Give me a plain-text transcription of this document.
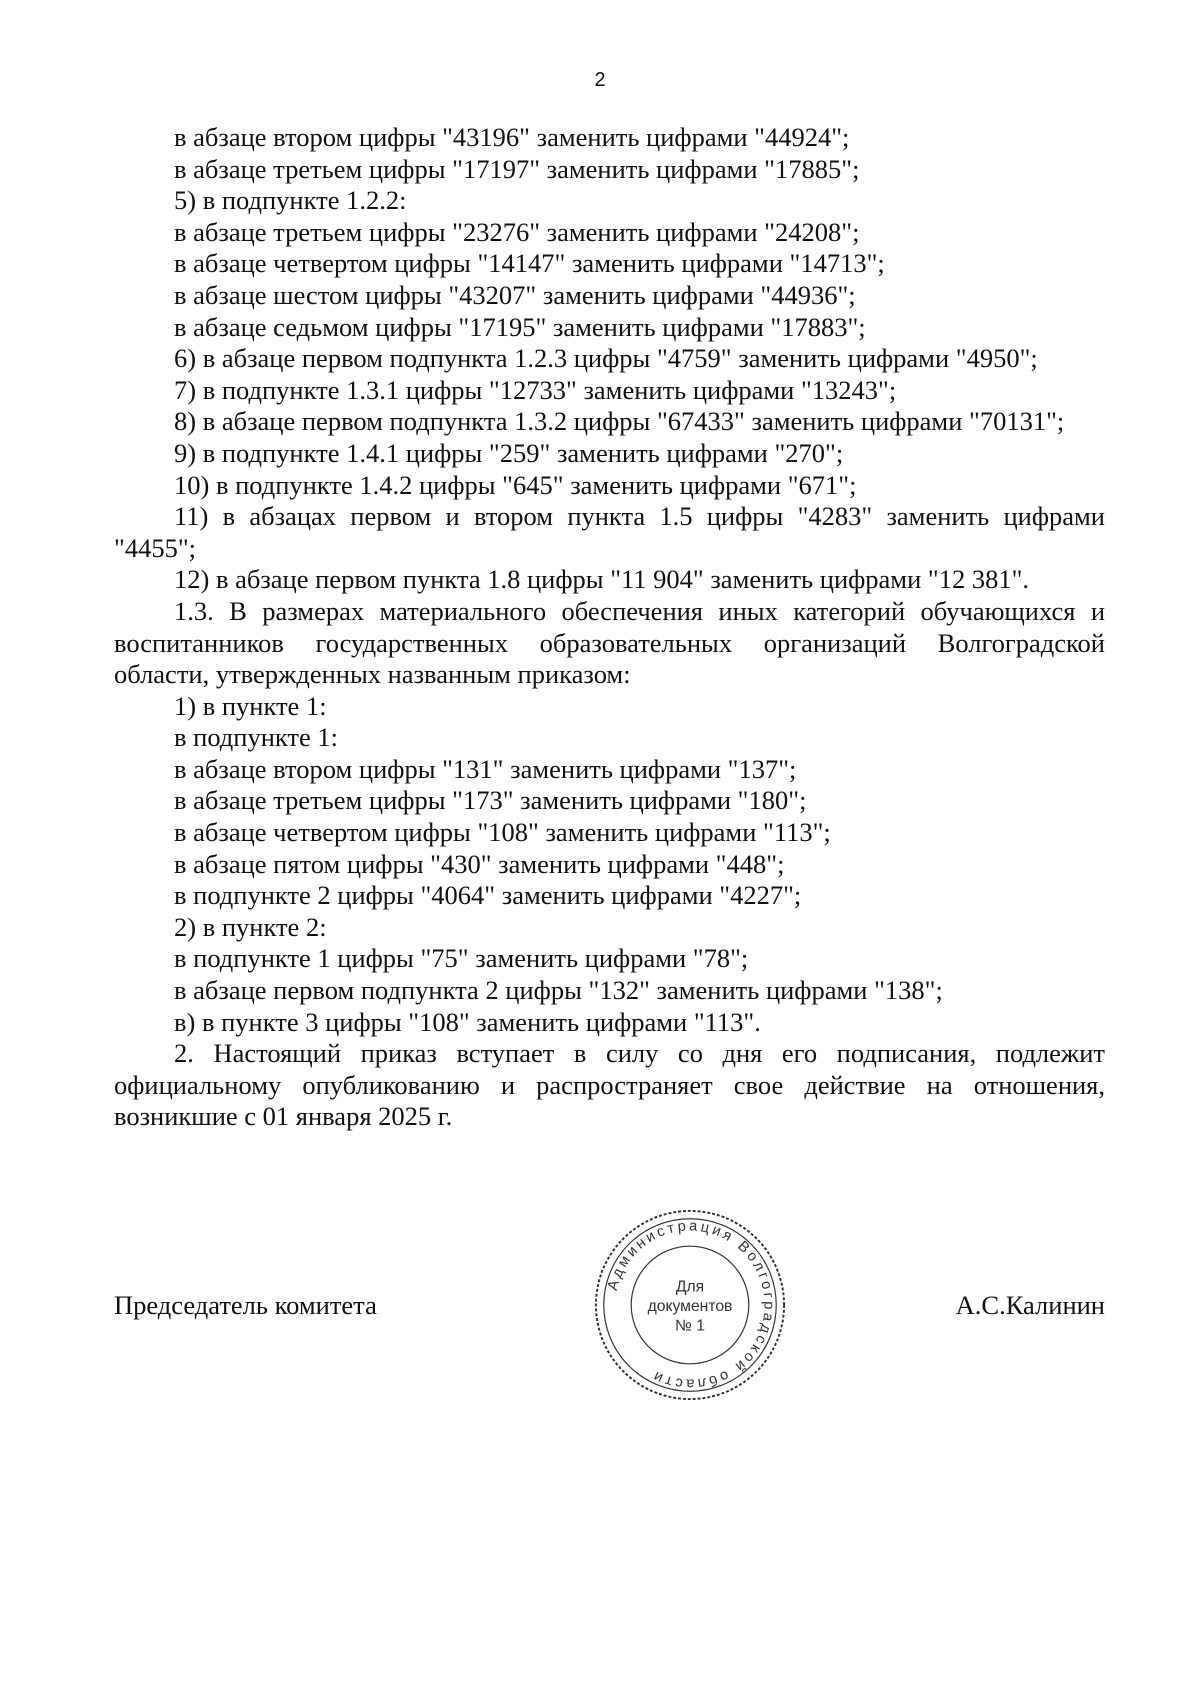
2

в абзаце втором цифры "43196" заменить цифрами "44924";

в абзаце третьем цифры "17197" заменить цифрами "17885";

5) в подпункте 1.2.2:

в абзаце третьем цифры "23276" заменить цифрами "24208";

в абзаце четвертом цифры "14147" заменить цифрами "14713";

в абзаце шестом цифры "43207" заменить цифрами "44936";

в абзаце седьмом цифры "17195" заменить цифрами "17883";

6) в абзаце первом подпункта 1.2.3 цифры "4759" заменить цифрами "4950";

7) в подпункте 1.3.1 цифры "12733" заменить цифрами "13243";

8) в абзаце первом подпункта 1.3.2 цифры "67433" заменить цифрами "70131";

9) в подпункте 1.4.1 цифры "259" заменить цифрами "270";

10) в подпункте 1.4.2 цифры "645" заменить цифрами "671";

11) в абзацах первом и втором пункта 1.5 цифры "4283" заменить цифрами "4455";

12) в абзаце первом пункта 1.8 цифры "11 904" заменить цифрами "12 381".

1.3. В размерах материального обеспечения иных категорий обучающихся и воспитанников государственных образовательных организаций Волгоградской области, утвержденных названным приказом:

1) в пункте 1:

в подпункте 1:

в абзаце втором цифры "131" заменить цифрами "137";

в абзаце третьем цифры "173" заменить цифрами "180";

в абзаце четвертом цифры "108" заменить цифрами "113";

в абзаце пятом цифры "430" заменить цифрами "448";

в подпункте 2 цифры "4064" заменить цифрами "4227";

2) в пункте 2:

в подпункте 1 цифры "75" заменить цифрами "78";

в абзаце первом подпункта 2 цифры "132" заменить цифрами "138";

в) в пункте 3 цифры "108" заменить цифрами "113".

2. Настоящий приказ вступает в силу со дня его подписания, подлежит официальному опубликованию и распространяет свое действие на отношения, возникшие с 01 января 2025 г.

Председатель комитета	А.С.Калинин
Администрация Волгоградской области
Для
документов
№ 1
